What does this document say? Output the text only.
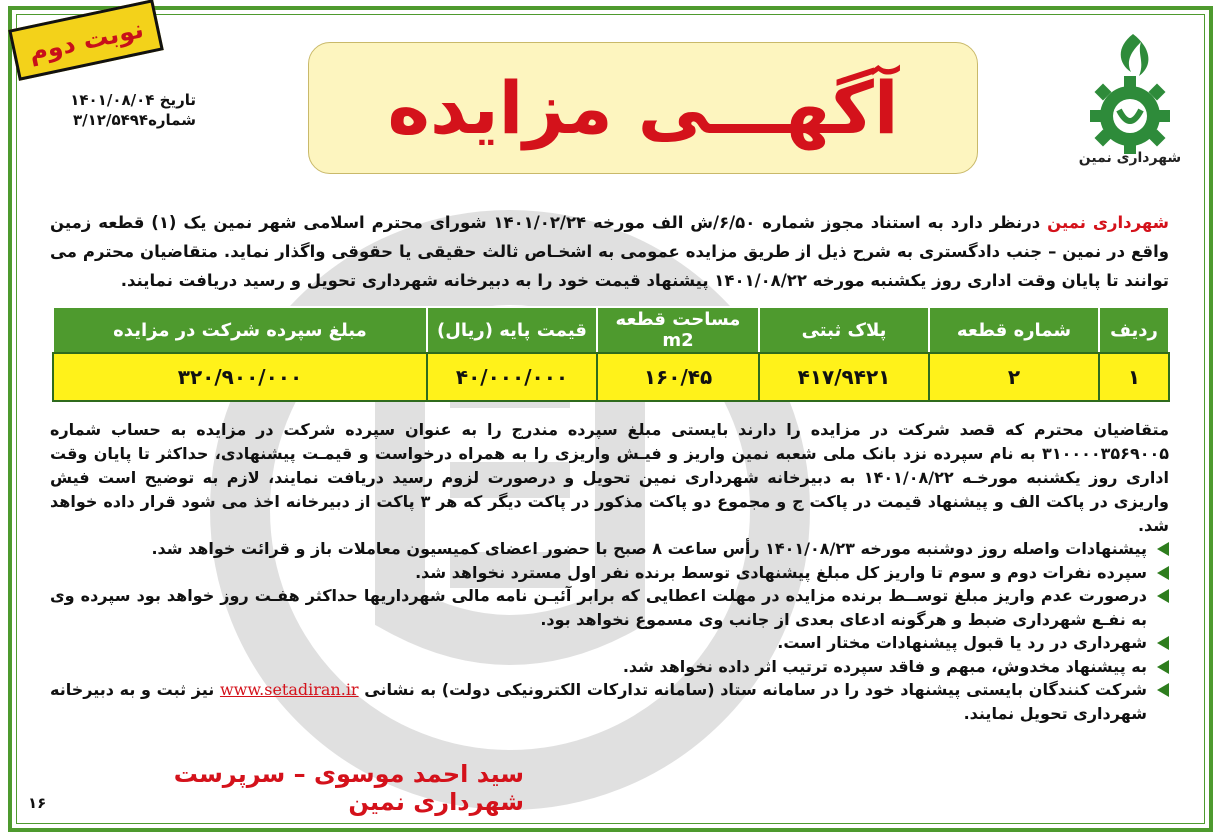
نوبت دوم
تاریخ ۱۴۰۱/۰۸/۰۴
شماره۳/۱۲/۵۴۹۴	آگهـــی مزایده
شهرداری نمین
شهرداری نمین درنظر دارد به استناد مجوز شماره ۶/۵۰/ش الف مورخه ۱۴۰۱/۰۲/۲۴ شورای محترم اسلامی شهر نمین یک (۱) قطعه زمین واقع در نمین – جنب دادگستری به شرح ذیل از طریق مزایده عمومی به اشخـاص ثالث حقیقی یا حقوقی واگذار نماید. متقاضیان محترم می توانند تا پایان وقت اداری روز یکشنبه مورخه ۱۴۰۱/۰۸/۲۲ پیشنهاد قیمت خود را به دبیرخانه شهرداری تحویل و رسید دریافت نمایند.
ردیف	شماره قطعه	پلاک ثبتی	مساحت قطعه m2	قیمت پایه (ریال)	مبلغ سپرده شرکت در مزایده
۱	۲	۴۱۷/۹۴۲۱	۱۶۰/۴۵	۴۰/۰۰۰/۰۰۰	۳۲۰/۹۰۰/۰۰۰
متقاضیان محترم که قصد شرکت در مزایده را دارند بایستی مبلغ سپرده مندرج را به عنوان سپرده شرکت در مزایده به حساب شماره ۳۱۰۰۰۰۳۵۶۹۰۰۵ به نام سپرده نزد بانک ملی شعبه نمین واریز و فیـش واریزی را به همراه درخواست و قیمـت پیشنهادی، حداکثر تا پایان وقت اداری روز یکشنبه مورخـه ۱۴۰۱/۰۸/۲۲ به دبیرخانه شهرداری نمین تحویل و درصورت لزوم رسید دریافت نمایند، لازم به توضیح است فیش واریزی در پاکت الف و پیشنهاد قیمت در پاکت ج و مجموع دو پاکت مذکور در پاکت دیگر که هر ۳ پاکت از دبیرخانه اخذ می شود قرار داده خواهد شد.
پیشنهادات واصله روز دوشنبه مورخه ۱۴۰۱/۰۸/۲۳ رأس ساعت ۸ صبح با حضور اعضای کمیسیون معاملات باز و قرائت خواهد شد.
سپرده نفرات دوم و سوم تا واریز کل مبلغ پیشنهادی توسط برنده نفر اول مسترد نخواهد شد.
درصورت عدم واریز مبلغ توســط برنده مزایده در مهلت اعطایی که برابر آئیـن نامه مالی شهرداریها حداکثر هفـت روز خواهد بود سپرده وی به نفـع شهرداری ضبط و هرگونه ادعای بعدی از جانب وی مسموع نخواهد بود.
شهرداری در رد یا قبول پیشنهادات مختار است.
به پیشنهاد مخدوش، مبهم و فاقد سپرده ترتیب اثر داده نخواهد شد.
شرکت کنندگان بایستی پیشنهاد خود را در سامانه ستاد (سامانه تدارکات الکترونیکی دولت) به نشانی www.setadiran.ir نیز ثبت و به دبیرخانه شهرداری تحویل نمایند.
سید احمد موسوی – سرپرست شهرداری نمین
۱۶
